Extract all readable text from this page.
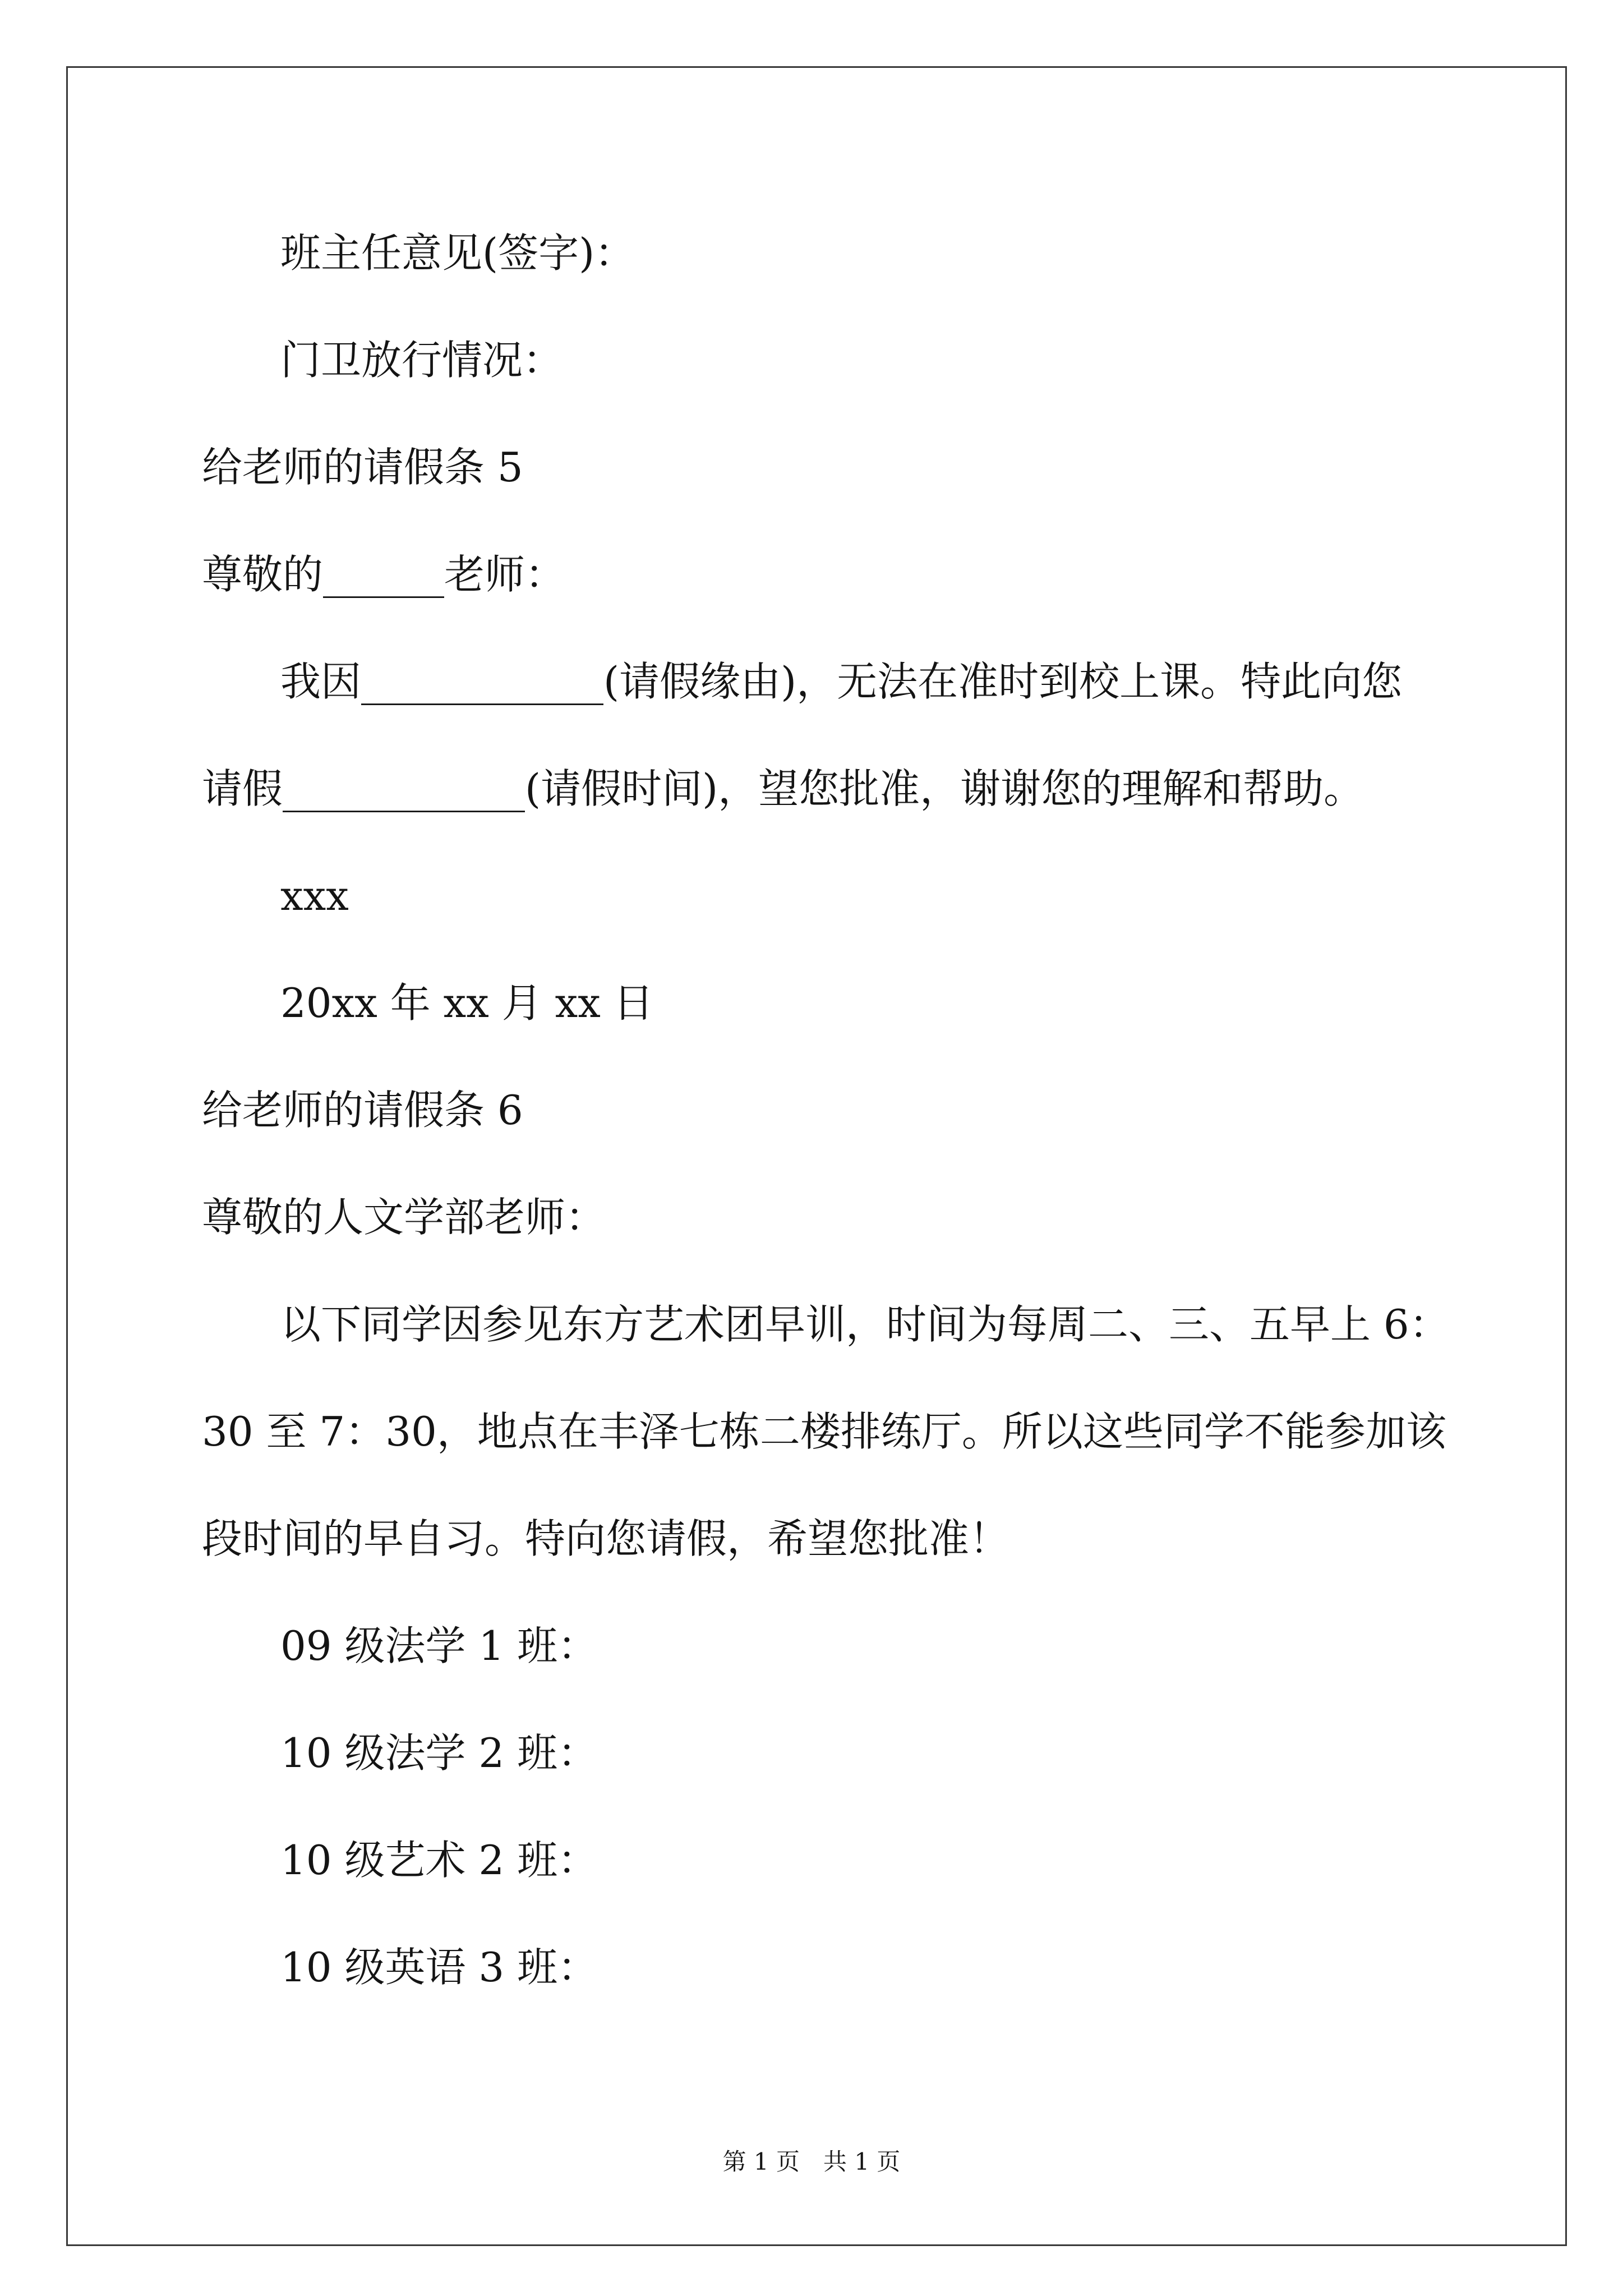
班主任意见(签字)：
门卫放行情况：
给老师的请假条 5
尊敬的______老师：
我因____________(请假缘由)，无法在准时到校上课。特此向您
请假____________(请假时间)，望您批准，谢谢您的理解和帮助。
xxx
20xx 年 xx 月 xx 日
给老师的请假条 6
尊敬的人文学部老师：
以下同学因参见东方艺术团早训，时间为每周二、三、五早上 6：
30 至 7：30，地点在丰泽七栋二楼排练厅。所以这些同学不能参加该
段时间的早自习。特向您请假，希望您批准！
09 级法学 1 班：
10 级法学 2 班：
10 级艺术 2 班：
10 级英语 3 班：
第 1 页　共 1 页
